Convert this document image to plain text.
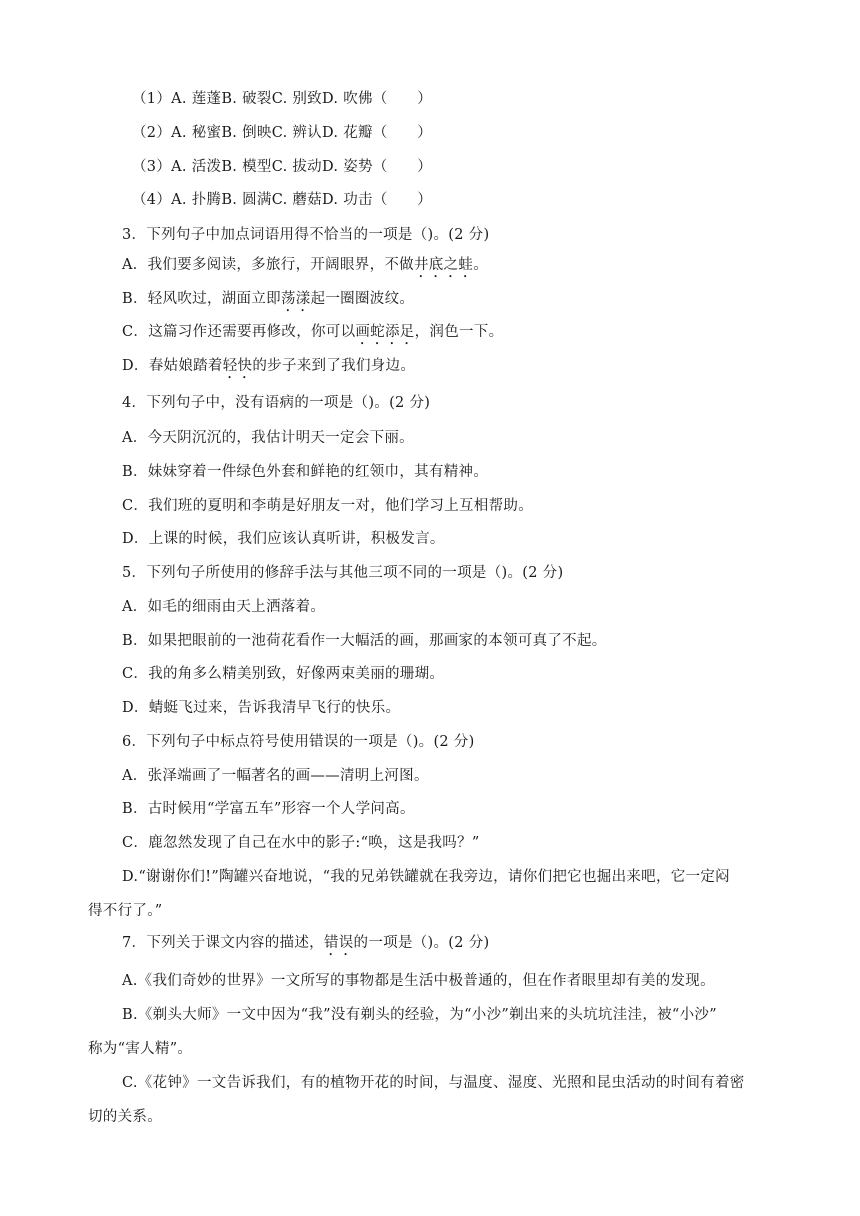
（1）A. 莲蓬B. 破裂C. 别致D. 吹佛（　　）
（2）A. 秘蜜B. 倒映C. 辨认D. 花瓣（　　）
（3）A. 活泼B. 模型C. 拔动D. 姿势（　　）
（4）A. 扑腾B. 圆满C. 蘑菇D. 功击（　　）
3．下列句子中加点词语用得不恰当的一项是（)。(2 分)
A．我们要多阅读，多旅行，开阔眼界，不做井底之蛙。
B．轻风吹过，湖面立即荡漾起一圈圈波纹。
C．这篇习作还需要再修改，你可以画蛇添足，润色一下。
D．春姑娘踏着轻快的步子来到了我们身边。
4．下列句子中，没有语病的一项是（)。(2 分)
A．今天阴沉沉的，我估计明天一定会下丽。
B．妹妹穿着一件绿色外套和鲜艳的红领巾，其有精神。
C．我们班的夏明和李萌是好朋友一对，他们学习上互相帮助。
D．上课的时候，我们应该认真听讲，积极发言。
5．下列句子所使用的修辞手法与其他三项不同的一项是（)。(2 分)
A．如毛的细雨由天上洒落着。
B．如果把眼前的一池荷花看作一大幅活的画，那画家的本领可真了不起。
C．我的角多么精美别致，好像两束美丽的珊瑚。
D．蜻蜓飞过来，告诉我清早飞行的快乐。
6．下列句子中标点符号使用错误的一项是（)。(2 分)
A．张泽端画了一幅著名的画——清明上河图。
B．古时候用“学富五车”形容一个人学问高。
C．鹿忽然发现了自己在水中的影子:“唤，这是我吗？”
D.“谢谢你们!”陶罐兴奋地说，“我的兄弟铁罐就在我旁边，请你们把它也掘出来吧，它一定闷
得不行了。”
7．下列关于课文内容的描述，错误的一项是（)。(2 分)
A.《我们奇妙的世界》一文所写的事物都是生活中极普通的，但在作者眼里却有美的发现。
B.《剃头大师》一文中因为“我”没有剃头的经验，为“小沙”剃出来的头坑坑洼洼，被“小沙”
称为“害人精”。
C.《花钟》一文告诉我们，有的植物开花的时间，与温度、湿度、光照和昆虫活动的时间有着密
切的关系。
